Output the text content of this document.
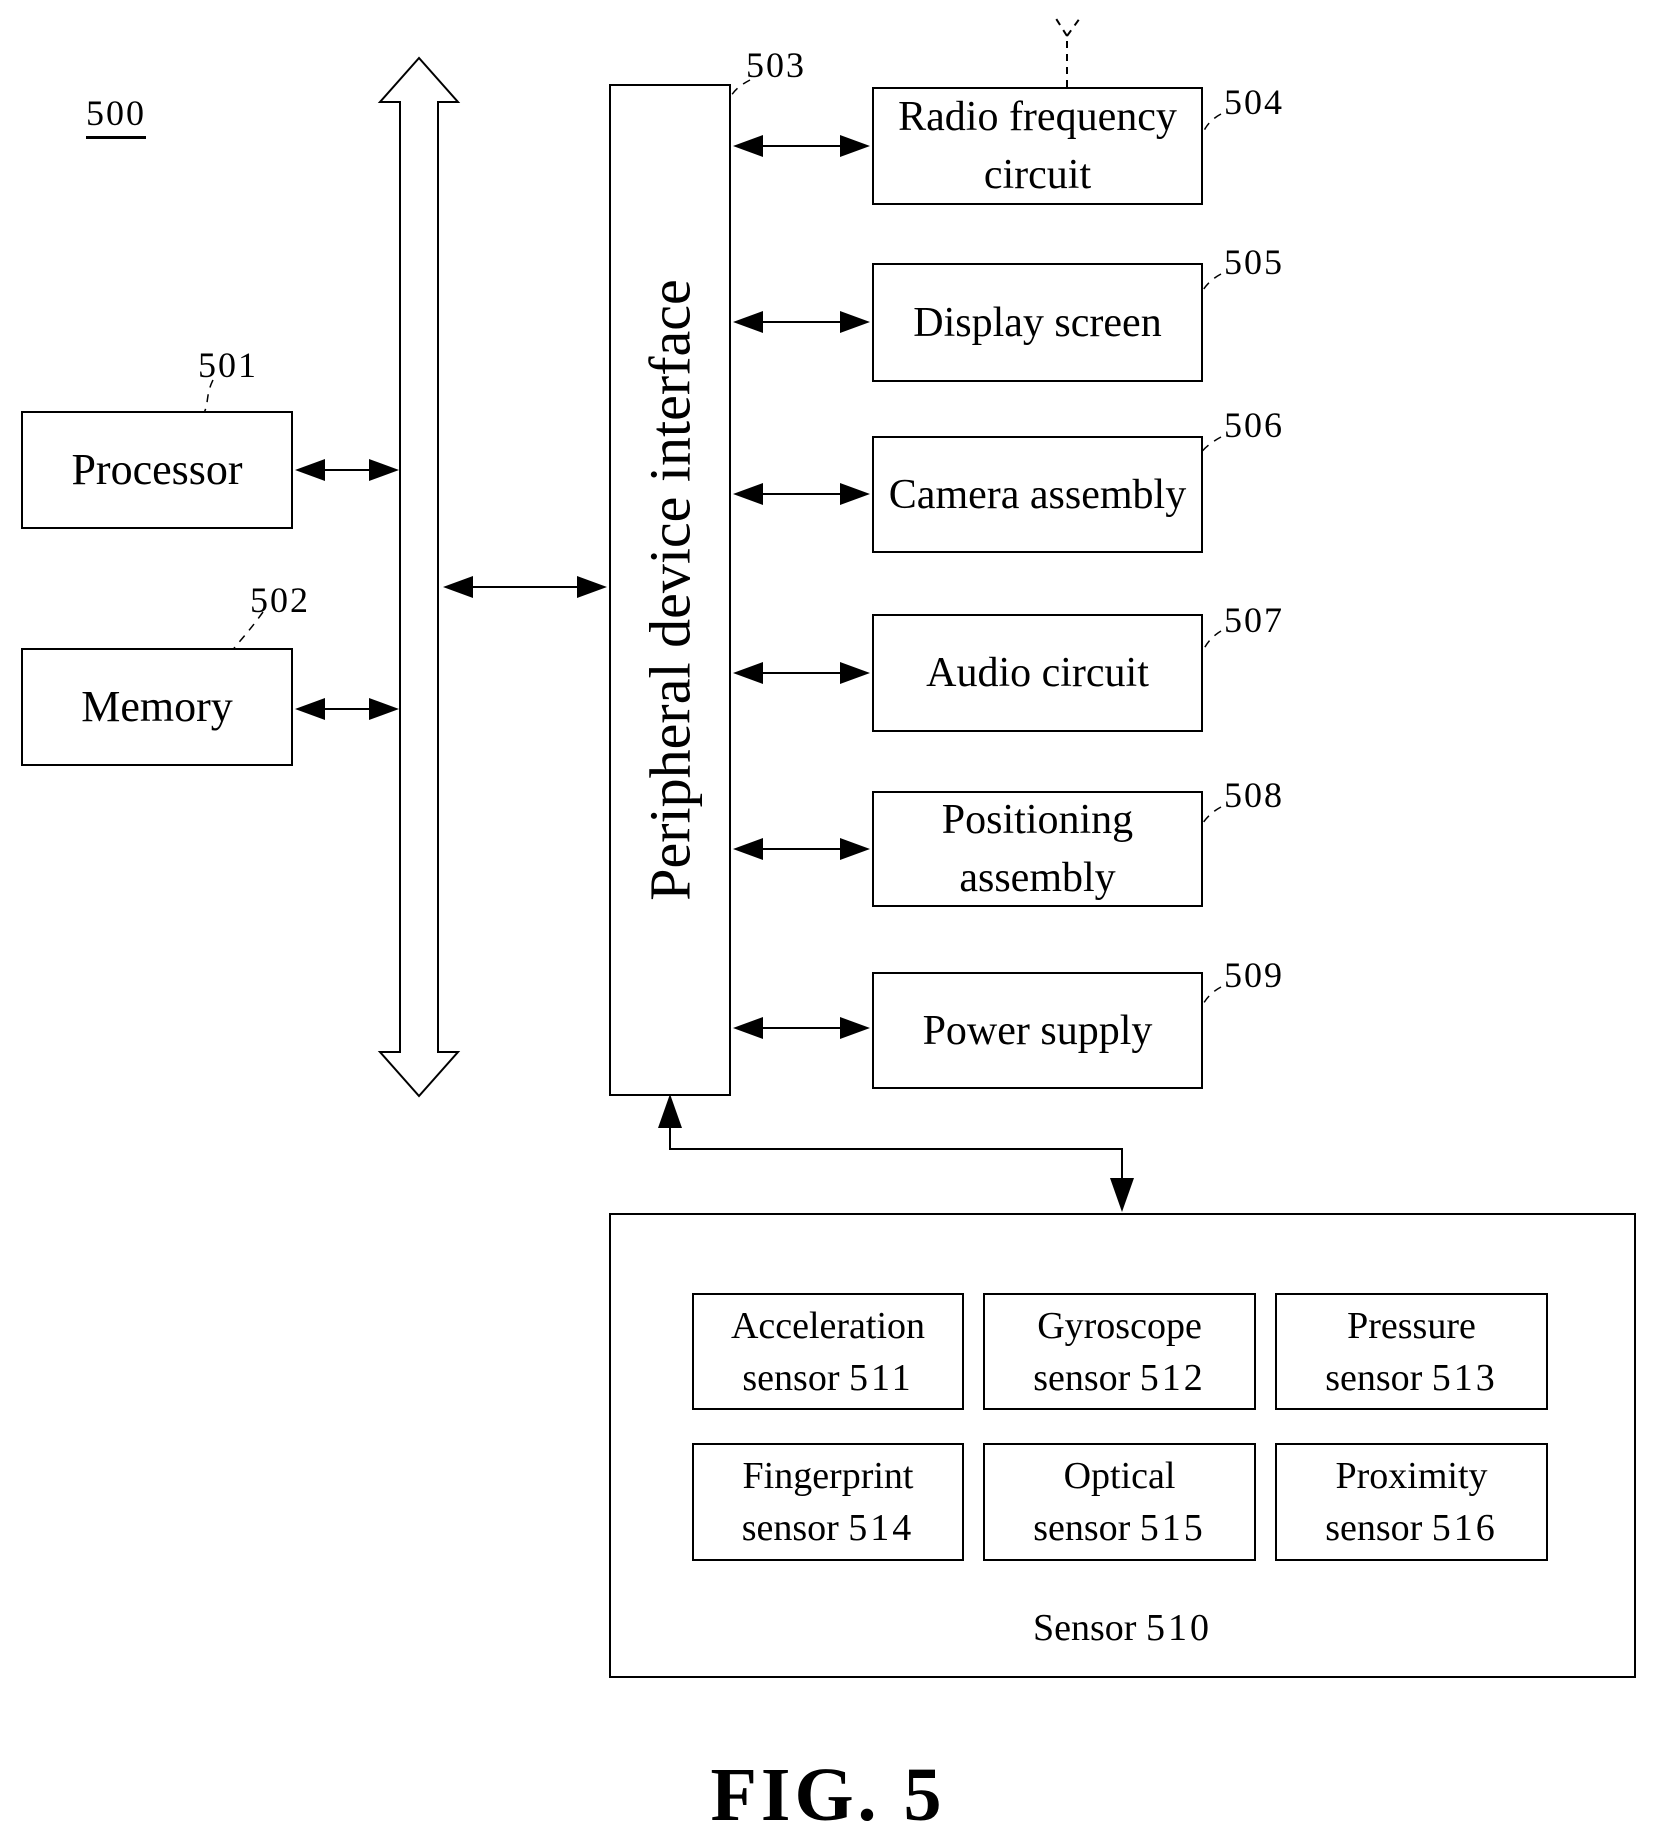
500
501
Processor
502
Memory
503
Peripheral device interface
504
Radio frequency
circuit
505
Display screen
506
Camera assembly
507
Audio circuit
508
Positioning
assembly
509
Power supply
Acceleration
sensor 511
Gyroscope
sensor 512
Pressure
sensor 513
Fingerprint
sensor 514
Optical
sensor 515
Proximity
sensor 516
Sensor 510
FIG. 5
